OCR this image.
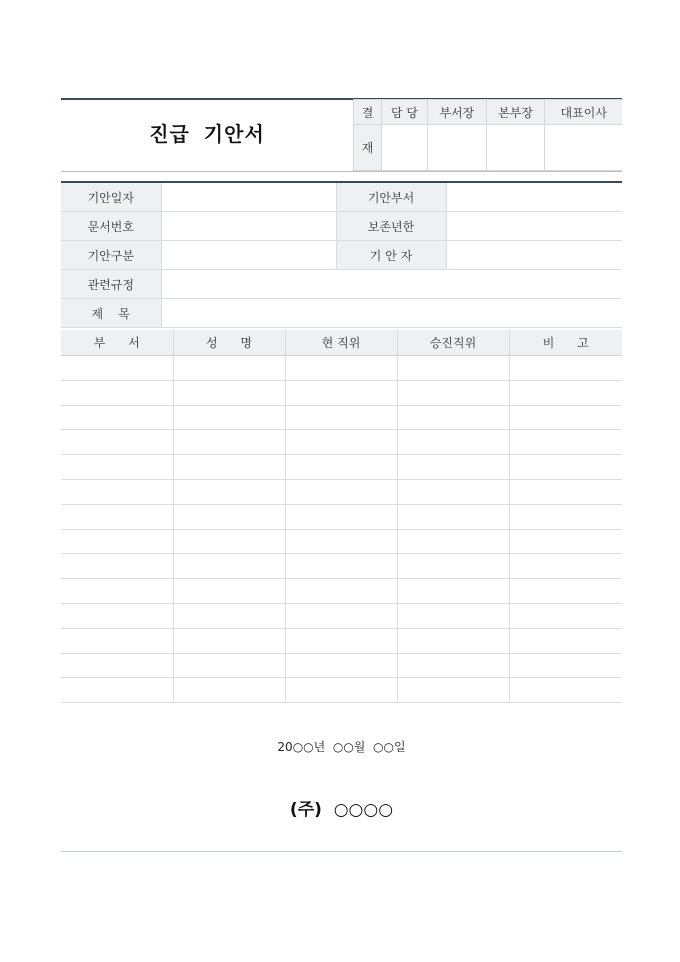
진급 기안서
결	담 당	부서장	본부장	대표이사
재				
기안일자		기안부서	
문서번호		보존년한	
기안구분		기 안 자	
관련규정			
제    목			
부      서	성      명	현 직위	승진직위	비      고

20○○년  ○○월  ○○일
(주)  ○○○○
